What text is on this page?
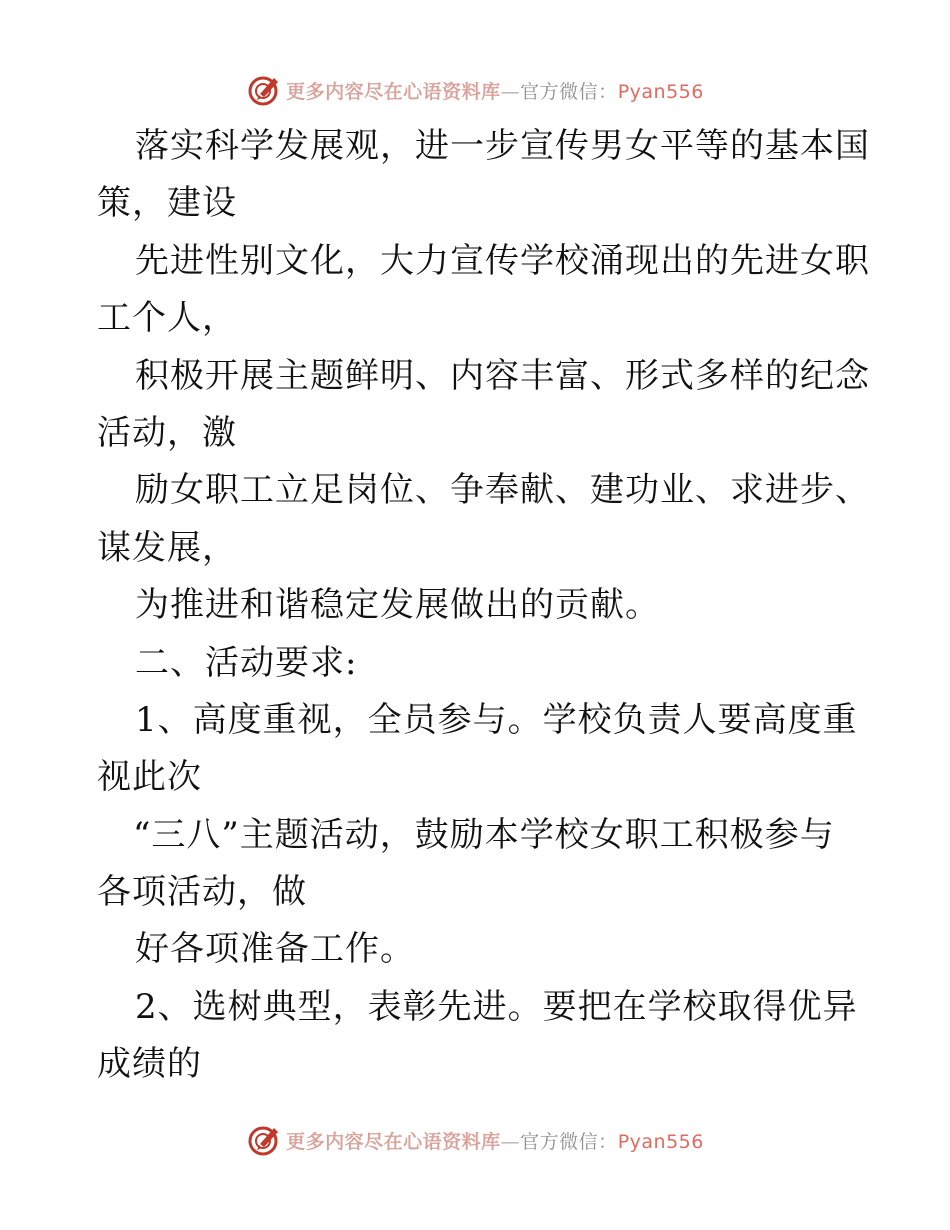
更多内容尽在心语资料库—官方微信：Pyan556
落实科学发展观，进一步宣传男女平等的基本国
策，建设
先进性别文化，大力宣传学校涌现出的先进女职
工个人，
积极开展主题鲜明、内容丰富、形式多样的纪念
活动，激
励女职工立足岗位、争奉献、建功业、求进步、
谋发展，
为推进和谐稳定发展做出的贡献。
二、活动要求:
1、高度重视，全员参与。学校负责人要高度重
视此次
“三八”主题活动，鼓励本学校女职工积极参与
各项活动，做
好各项准备工作。
2、选树典型，表彰先进。要把在学校取得优异
成绩的
更多内容尽在心语资料库—官方微信：Pyan556
